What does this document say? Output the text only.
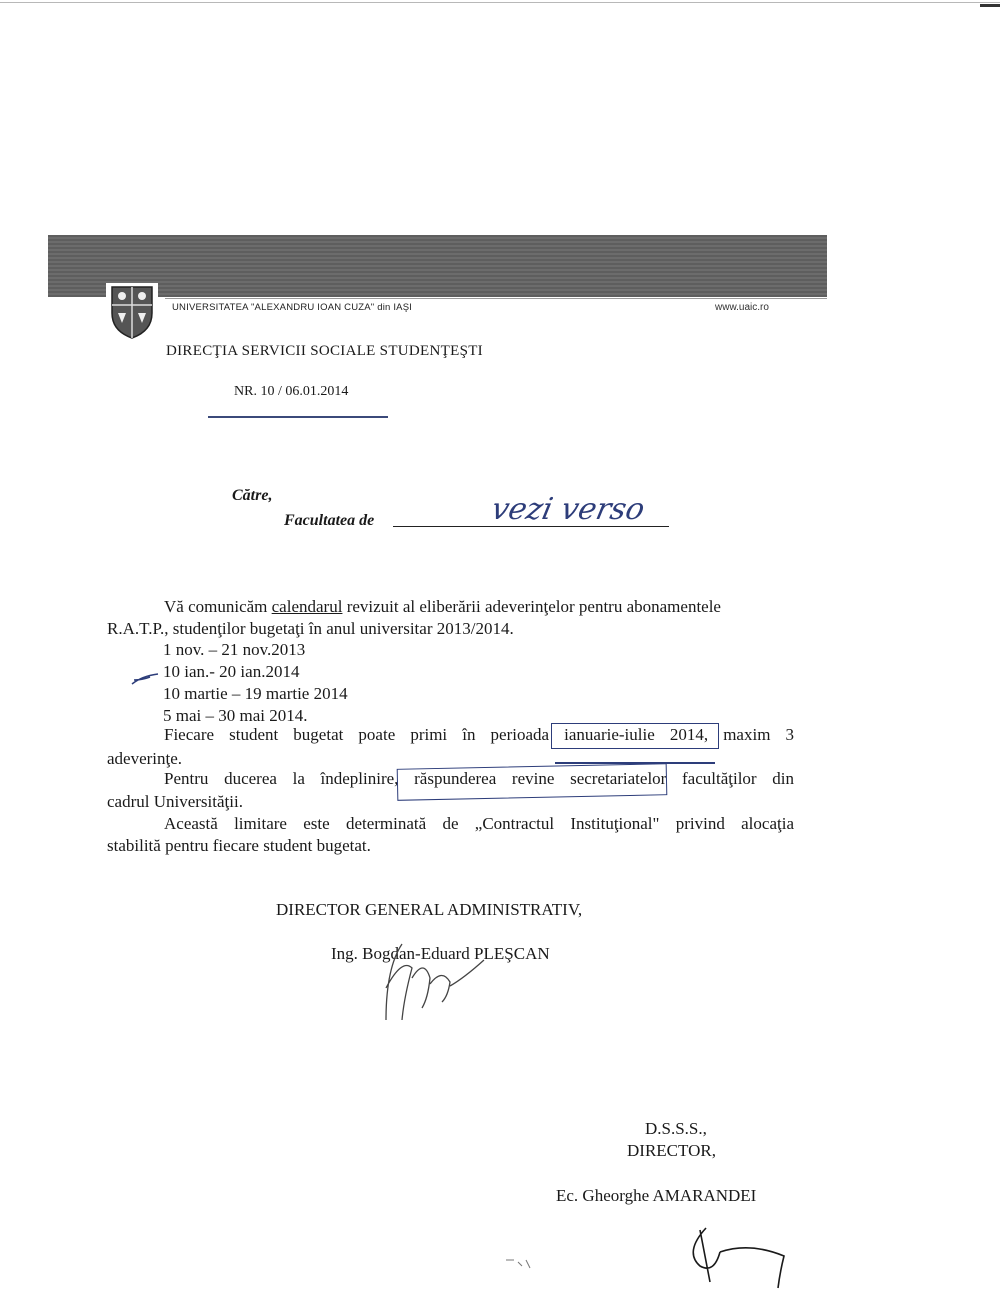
UNIVERSITATEA "ALEXANDRU IOAN CUZA" din IAŞI	www.uaic.ro
DIRECŢIA SERVICII SOCIALE STUDENŢEŞTI
NR. 10 / 06.01.2014
Către,
Facultatea de	vezi verso
Vă comunicăm calendarul revizuit al eliberării adeverinţelor pentru abonamentele
R.A.T.P., studenţilor bugetaţi în anul universitar 2013/2014.
1 nov. – 21 nov.2013
10 ian.- 20 ian.2014
10 martie – 19 martie 2014
5 mai – 30 mai 2014.
Fiecare student bugetat poate primi în perioada ianuarie-iulie 2014, maxim 3
adeverinţe.
Pentru ducerea la îndeplinire, răspunderea revine secretariatelor facultăţilor din
cadrul Universităţii.
Această limitare este determinată de „Contractul Instituţional" privind alocaţia
stabilită pentru fiecare student bugetat.
DIRECTOR GENERAL ADMINISTRATIV,
Ing. Bogdan-Eduard PLEŞCAN
D.S.S.S.,
DIRECTOR,
Ec. Gheorghe AMARANDEI
